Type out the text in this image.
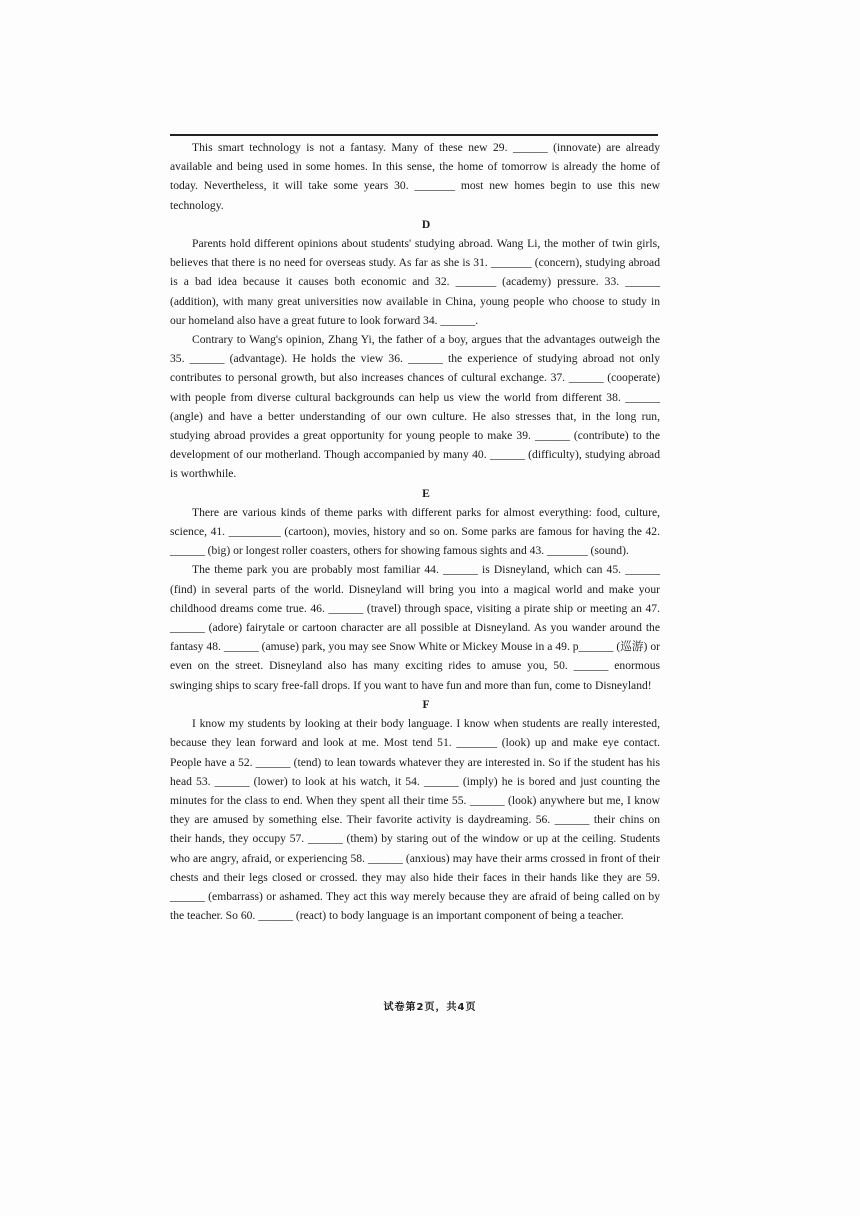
This smart technology is not a fantasy. Many of these new 29. ______ (innovate) are already available and being used in some homes. In this sense, the home of tomorrow is already the home of today. Nevertheless, it will take some years 30. _______ most new homes begin to use this new technology.

D

Parents hold different opinions about students' studying abroad. Wang Li, the mother of twin girls, believes that there is no need for overseas study. As far as she is 31. _______ (concern), studying abroad is a bad idea because it causes both economic and 32. _______ (academy) pressure. 33. ______ (addition), with many great universities now available in China, young people who choose to study in our homeland also have a great future to look forward 34. ______.

Contrary to Wang's opinion, Zhang Yi, the father of a boy, argues that the advantages outweigh the 35. ______ (advantage). He holds the view 36. ______ the experience of studying abroad not only contributes to personal growth, but also increases chances of cultural exchange. 37. ______ (cooperate) with people from diverse cultural backgrounds can help us view the world from different 38. ______ (angle) and have a better understanding of our own culture. He also stresses that, in the long run, studying abroad provides a great opportunity for young people to make 39. ______ (contribute) to the development of our motherland. Though accompanied by many 40. ______ (difficulty), studying abroad is worthwhile.

E

There are various kinds of theme parks with different parks for almost everything: food, culture, science, 41. _________ (cartoon), movies, history and so on. Some parks are famous for having the 42. ______ (big) or longest roller coasters, others for showing famous sights and 43. _______ (sound).

The theme park you are probably most familiar 44. ______ is Disneyland, which can 45. ______ (find) in several parts of the world. Disneyland will bring you into a magical world and make your childhood dreams come true. 46. ______ (travel) through space, visiting a pirate ship or meeting an 47. ______ (adore) fairytale or cartoon character are all possible at Disneyland. As you wander around the fantasy 48. ______ (amuse) park, you may see Snow White or Mickey Mouse in a 49. p______ (巡游) or even on the street. Disneyland also has many exciting rides to amuse you, 50. ______ enormous swinging ships to scary free-fall drops. If you want to have fun and more than fun, come to Disneyland!

F

I know my students by looking at their body language. I know when students are really interested, because they lean forward and look at me. Most tend 51. _______ (look) up and make eye contact. People have a 52. ______ (tend) to lean towards whatever they are interested in. So if the student has his head 53. ______ (lower) to look at his watch, it 54. ______ (imply) he is bored and just counting the minutes for the class to end. When they spent all their time 55. ______ (look) anywhere but me, I know they are amused by something else. Their favorite activity is daydreaming. 56. ______ their chins on their hands, they occupy 57. ______ (them) by staring out of the window or up at the ceiling. Students who are angry, afraid, or experiencing 58. ______ (anxious) may have their arms crossed in front of their chests and their legs closed or crossed. they may also hide their faces in their hands like they are 59. ______ (embarrass) or ashamed. They act this way merely because they are afraid of being called on by the teacher. So 60. ______ (react) to body language is an important component of being a teacher.

试卷第2页，共4页
